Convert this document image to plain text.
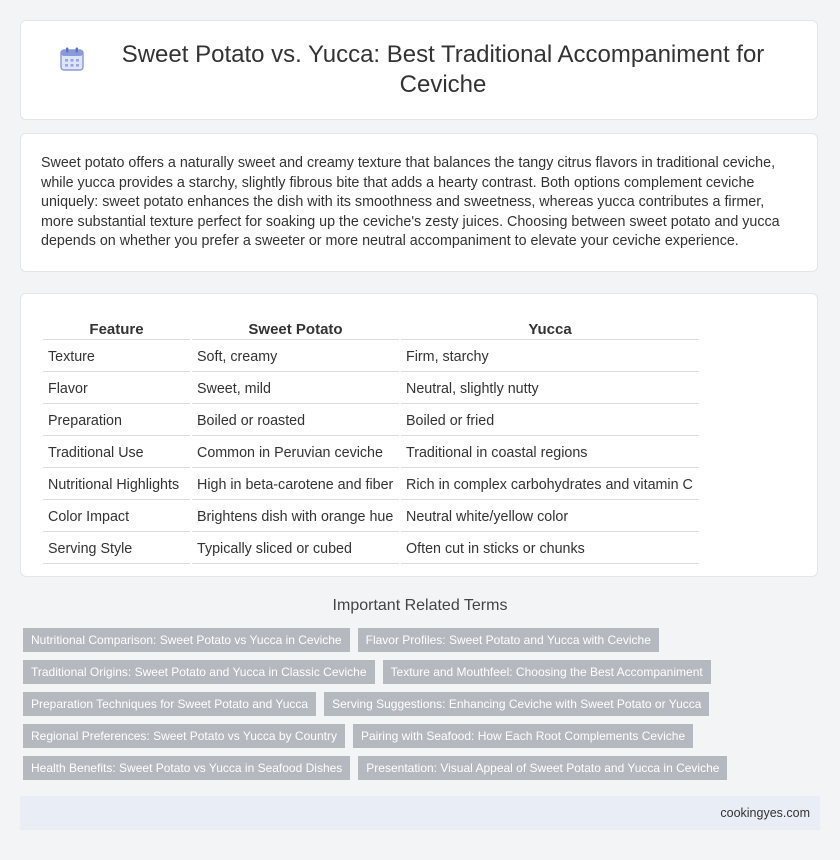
Sweet Potato vs. Yucca: Best Traditional Accompaniment for Ceviche

Sweet potato offers a naturally sweet and creamy texture that balances the tangy citrus flavors in traditional ceviche, while yucca provides a starchy, slightly fibrous bite that adds a hearty contrast. Both options complement ceviche uniquely: sweet potato enhances the dish with its smoothness and sweetness, whereas yucca contributes a firmer, more substantial texture perfect for soaking up the ceviche's zesty juices. Choosing between sweet potato and yucca depends on whether you prefer a sweeter or more neutral accompaniment to elevate your ceviche experience.

Feature	Sweet Potato	Yucca
Texture	Soft, creamy	Firm, starchy
Flavor	Sweet, mild	Neutral, slightly nutty
Preparation	Boiled or roasted	Boiled or fried
Traditional Use	Common in Peruvian ceviche	Traditional in coastal regions
Nutritional Highlights	High in beta-carotene and fiber	Rich in complex carbohydrates and vitamin C
Color Impact	Brightens dish with orange hue	Neutral white/yellow color
Serving Style	Typically sliced or cubed	Often cut in sticks or chunks
Important Related Terms
Nutritional Comparison: Sweet Potato vs Yucca in Ceviche	Flavor Profiles: Sweet Potato and Yucca with Ceviche
Traditional Origins: Sweet Potato and Yucca in Classic Ceviche	Texture and Mouthfeel: Choosing the Best Accompaniment
Preparation Techniques for Sweet Potato and Yucca	Serving Suggestions: Enhancing Ceviche with Sweet Potato or Yucca
Regional Preferences: Sweet Potato vs Yucca by Country	Pairing with Seafood: How Each Root Complements Ceviche
Health Benefits: Sweet Potato vs Yucca in Seafood Dishes	Presentation: Visual Appeal of Sweet Potato and Yucca in Ceviche
cookingyes.com
